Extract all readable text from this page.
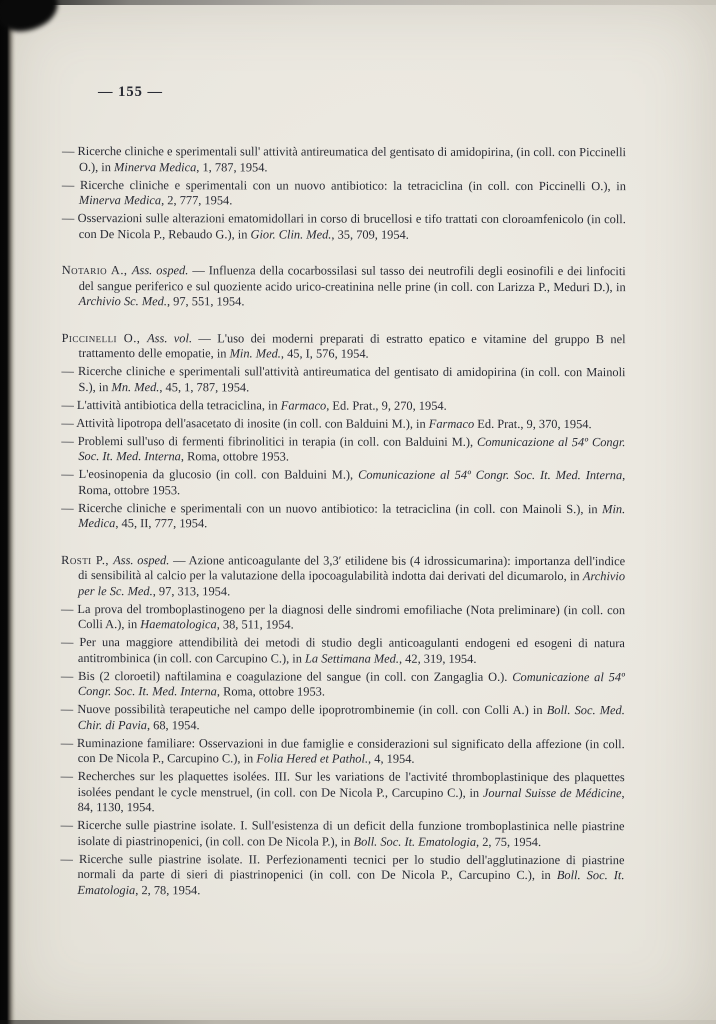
— 155 —

— Ricerche cliniche e sperimentali sull' attività antireumatica del gentisato di amidopirina, (in coll. con Piccinelli O.), in Minerva Medica, 1, 787, 1954.

— Ricerche cliniche e sperimentali con un nuovo antibiotico: la tetraciclina (in coll. con Piccinelli O.), in Minerva Medica, 2, 777, 1954.

— Osservazioni sulle alterazioni ematomidollari in corso di brucellosi e tifo trattati con cloroamfenicolo (in coll. con De Nicola P., Rebaudo G.), in Gior. Clin. Med., 35, 709, 1954.

Notario A., Ass. osped. — Influenza della cocarbossilasi sul tasso dei neutrofili degli eosinofili e dei linfociti del sangue periferico e sul quoziente acido urico-creatinina nelle prine (in coll. con Larizza P., Meduri D.), in Archivio Sc. Med., 97, 551, 1954.

Piccinelli O., Ass. vol. — L'uso dei moderni preparati di estratto epatico e vitamine del gruppo B nel trattamento delle emopatie, in Min. Med., 45, I, 576, 1954.

— Ricerche cliniche e sperimentali sull'attività antireumatica del gentisato di amidopirina (in coll. con Mainoli S.), in Mn. Med., 45, 1, 787, 1954.

— L'attività antibiotica della tetraciclina, in Farmaco, Ed. Prat., 9, 270, 1954.

— Attività lipotropa dell'asacetato di inosite (in coll. con Balduini M.), in Farmaco Ed. Prat., 9, 370, 1954.

— Problemi sull'uso di fermenti fibrinolitici in terapia (in coll. con Balduini M.), Comunicazione al 54º Congr. Soc. It. Med. Interna, Roma, ottobre 1953.

— L'eosinopenia da glucosio (in coll. con Balduini M.), Comunicazione al 54º Congr. Soc. It. Med. Interna, Roma, ottobre 1953.

— Ricerche cliniche e sperimentali con un nuovo antibiotico: la tetraciclina (in coll. con Mainoli S.), in Min. Medica, 45, II, 777, 1954.

Rosti P., Ass. osped. — Azione anticoagulante del 3,3′ etilidene bis (4 idrossicumarina): importanza dell'indice di sensibilità al calcio per la valutazione della ipocoagulabilità indotta dai derivati del dicumarolo, in Archivio per le Sc. Med., 97, 313, 1954.

— La prova del tromboplastinogeno per la diagnosi delle sindromi emofiliache (Nota preliminare) (in coll. con Colli A.), in Haematologica, 38, 511, 1954.

— Per una maggiore attendibilità dei metodi di studio degli anticoagulanti endogeni ed esogeni di natura antitrombinica (in coll. con Carcupino C.), in La Settimana Med., 42, 319, 1954.

— Bis (2 cloroetil) naftilamina e coagulazione del sangue (in coll. con Zangaglia O.). Comunicazione al 54º Congr. Soc. It. Med. Interna, Roma, ottobre 1953.

— Nuove possibilità terapeutiche nel campo delle ipoprotrombinemie (in coll. con Colli A.) in Boll. Soc. Med. Chir. di Pavia, 68, 1954.

— Ruminazione familiare: Osservazioni in due famiglie e considerazioni sul significato della affezione (in coll. con De Nicola P., Carcupino C.), in Folia Hered et Pathol., 4, 1954.

— Recherches sur les plaquettes isolées. III. Sur les variations de l'activité thromboplastinique des plaquettes isolées pendant le cycle menstruel, (in coll. con De Nicola P., Carcupino C.), in Journal Suisse de Médicine, 84, 1130, 1954.

— Ricerche sulle piastrine isolate. I. Sull'esistenza di un deficit della funzione tromboplastinica nelle piastrine isolate di piastrinopenici, (in coll. con De Nicola P.), in Boll. Soc. It. Ematologia, 2, 75, 1954.

— Ricerche sulle piastrine isolate. II. Perfezionamenti tecnici per lo studio dell'agglutinazione di piastrine normali da parte di sieri di piastrinopenici (in coll. con De Nicola P., Carcupino C.), in Boll. Soc. It. Ematologia, 2, 78, 1954.
